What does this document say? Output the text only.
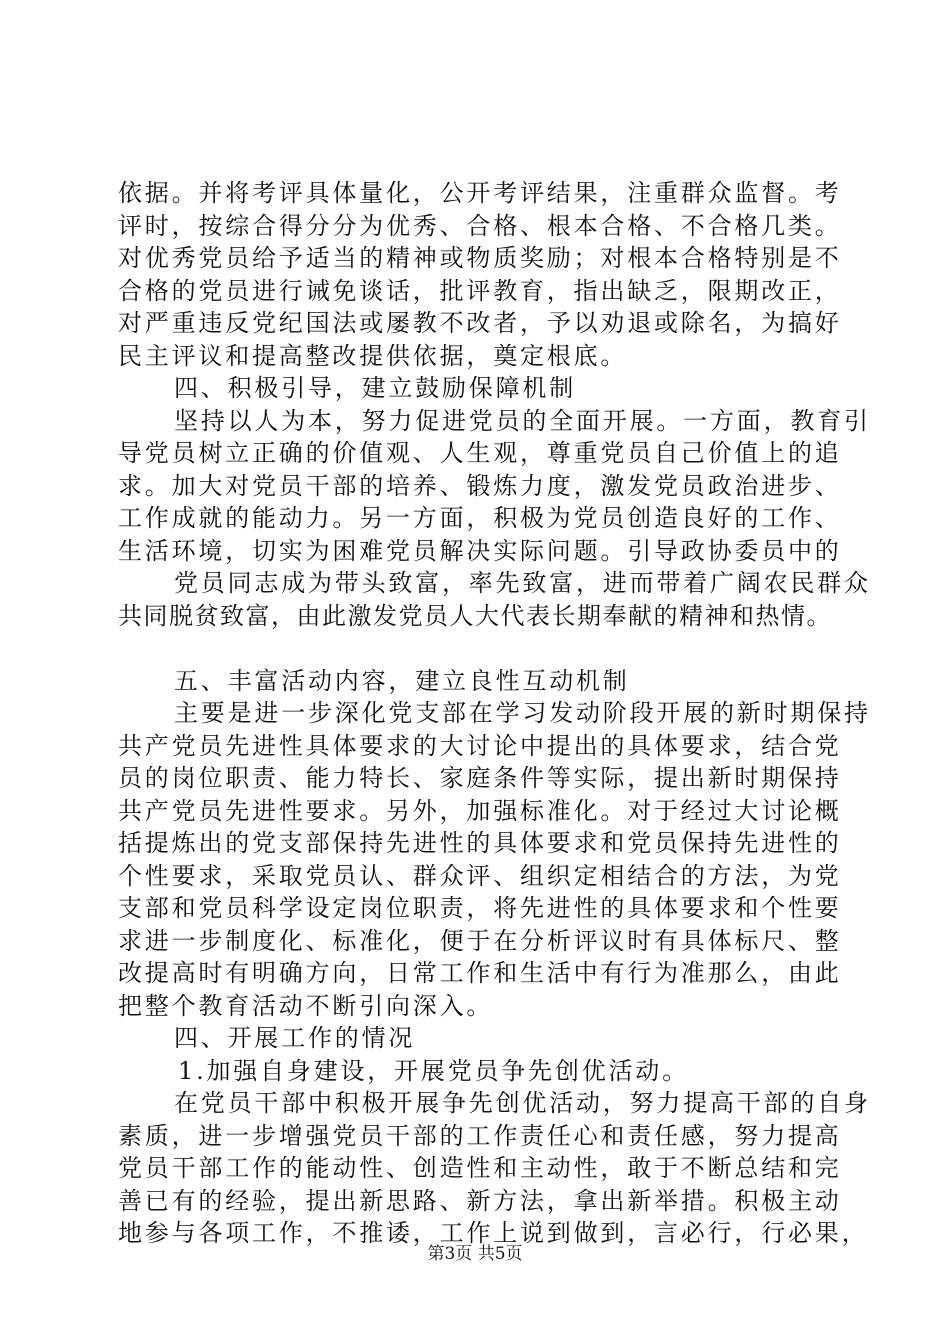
依据。并将考评具体量化，公开考评结果，注重群众监督。考
评时，按综合得分分为优秀、合格、根本合格、不合格几类。
对优秀党员给予适当的精神或物质奖励；对根本合格特别是不
合格的党员进行诫免谈话，批评教育，指出缺乏，限期改正，
对严重违反党纪国法或屡教不改者，予以劝退或除名，为搞好
民主评议和提高整改提供依据，奠定根底。
四、积极引导，建立鼓励保障机制
坚持以人为本，努力促进党员的全面开展。一方面，教育引
导党员树立正确的价值观、人生观，尊重党员自己价值上的追
求。加大对党员干部的培养、锻炼力度，激发党员政治进步、
工作成就的能动力。另一方面，积极为党员创造良好的工作、
生活环境，切实为困难党员解决实际问题。引导政协委员中的
党员同志成为带头致富，率先致富，进而带着广阔农民群众
共同脱贫致富，由此激发党员人大代表长期奉献的精神和热情。
五、丰富活动内容，建立良性互动机制
主要是进一步深化党支部在学习发动阶段开展的新时期保持
共产党员先进性具体要求的大讨论中提出的具体要求，结合党
员的岗位职责、能力特长、家庭条件等实际，提出新时期保持
共产党员先进性要求。另外，加强标准化。对于经过大讨论概
括提炼出的党支部保持先进性的具体要求和党员保持先进性的
个性要求，采取党员认、群众评、组织定相结合的方法，为党
支部和党员科学设定岗位职责，将先进性的具体要求和个性要
求进一步制度化、标准化，便于在分析评议时有具体标尺、整
改提高时有明确方向，日常工作和生活中有行为准那么，由此
把整个教育活动不断引向深入。
四、开展工作的情况
1.加强自身建设，开展党员争先创优活动。
在党员干部中积极开展争先创优活动，努力提高干部的自身
素质，进一步增强党员干部的工作责任心和责任感，努力提高
党员干部工作的能动性、创造性和主动性，敢于不断总结和完
善已有的经验，提出新思路、新方法，拿出新举措。积极主动
地参与各项工作，不推诿，工作上说到做到，言必行，行必果，
第3页 共5页
